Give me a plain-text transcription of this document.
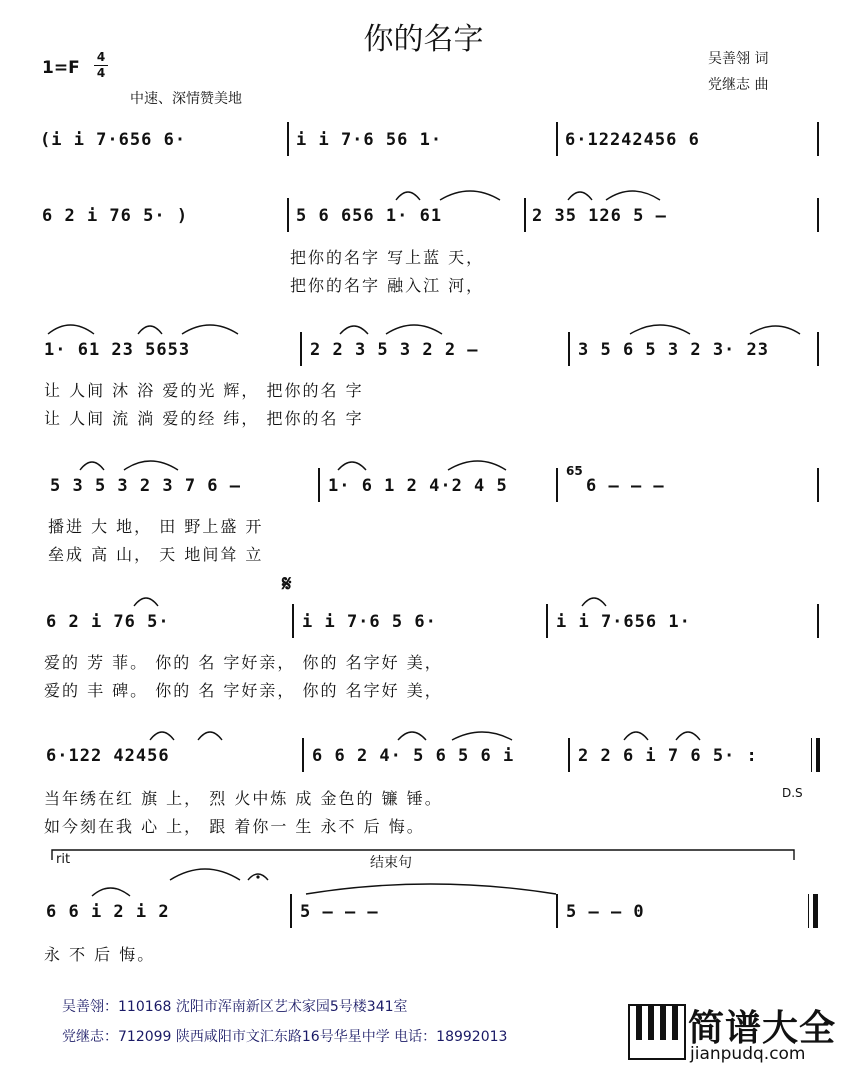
你的名字
1=F
4
4
中速、深情赞美地
吴善翎 词
党继志 曲
(i i 7·656 6·	i i 7·6 56 1·	6·12242456 6
6 2 i 76 5· )	5 6 656 1· 61	2 35 126 5 –
把你的名字 写上蓝 天，
把你的名字 融入江 河，
1· 61 23 5653	2 2 3 5 3 2 2 –	3 5 6 5 3 2 3· 23
让 人间 沐 浴 爱的光 辉， 把你的名 字
让 人间 流 淌 爱的经 纬， 把你的名 字
5 3 5 3 2 3 7 6 –	1· 6 1 2 4·2 4 5
65
6 – – –
播进 大 地， 田 野上盛 开
垒成 高 山， 天 地间耸 立
𝄋
6 2 i 76 5·	i i 7·6 5 6·	i i 7·656 1·
爱的 芳 菲。 你的 名 字好亲， 你的 名字好 美，
爱的 丰 碑。 你的 名 字好亲， 你的 名字好 美，
6·122 42456	6 6 2 4· 5 6 5 6 i	2 2 6 i 7 6 5· :
D.S
当年绣在红 旗 上， 烈 火中炼 成 金色的 镰 锤。
如今刻在我 心 上， 跟 着你一 生 永不 后 悔。
rit	结束句
6 6 i 2 i 2	5 – – –	5 – – 0
永 不 后 悔。
吴善翎：110168 沈阳市浑南新区艺术家园5号楼341室
党继志：712099 陕西咸阳市文汇东路16号华星中学 电话：18992013	简谱大全
jianpudq.com
